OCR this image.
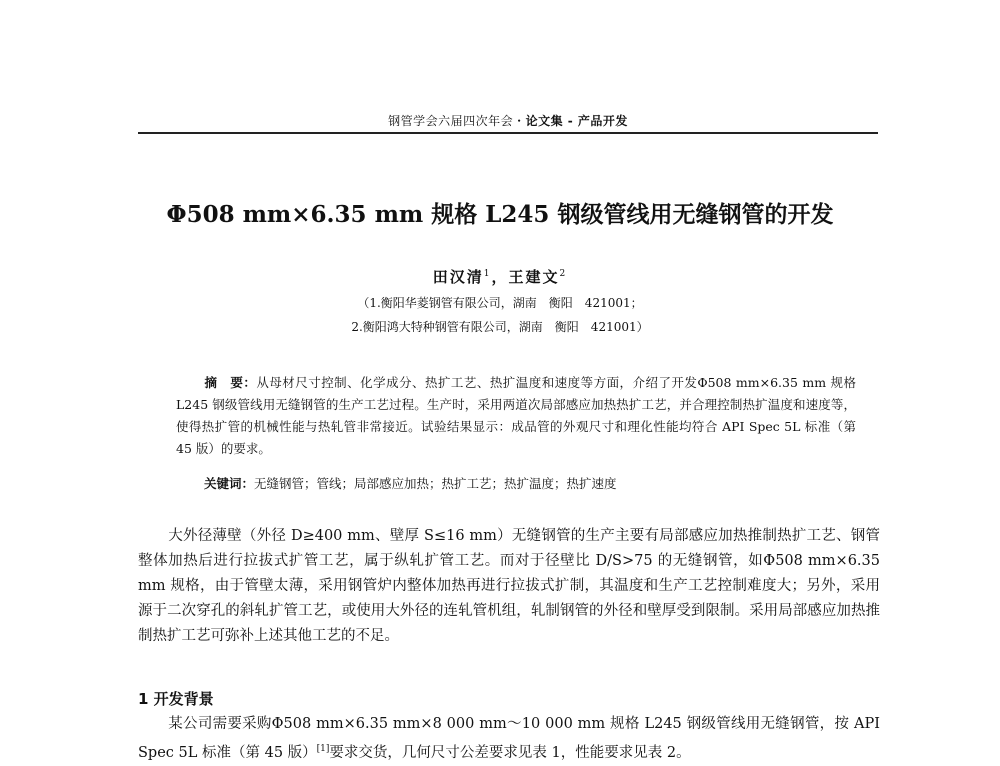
钢管学会六届四次年会・论文集 - 产品开发
Φ508 mm×6.35 mm 规格 L245 钢级管线用无缝钢管的开发
田汉清$^1$，王建文$^2$
（1.衡阳华菱钢管有限公司，湖南　衡阳　421001；
2.衡阳鸿大特种钢管有限公司，湖南　衡阳　421001）
摘　要：从母材尺寸控制、化学成分、热扩工艺、热扩温度和速度等方面，介绍了开发Φ508 mm×6.35 mm 规格 L245 钢级管线用无缝钢管的生产工艺过程。生产时，采用两道次局部感应加热热扩工艺，并合理控制热扩温度和速度等，使得热扩管的机械性能与热轧管非常接近。试验结果显示：成品管的外观尺寸和理化性能均符合 API Spec 5L 标准（第 45 版）的要求。
关键词：无缝钢管；管线；局部感应加热；热扩工艺；热扩温度；热扩速度
大外径薄壁（外径 D≥400 mm、壁厚 S≤16 mm）无缝钢管的生产主要有局部感应加热推制热扩工艺、钢管整体加热后进行拉拔式扩管工艺，属于纵轧扩管工艺。而对于径壁比 D/S>75 的无缝钢管，如Φ508 mm×6.35 mm 规格，由于管壁太薄，采用钢管炉内整体加热再进行拉拔式扩制，其温度和生产工艺控制难度大；另外，采用源于二次穿孔的斜轧扩管工艺，或使用大外径的连轧管机组，轧制钢管的外径和壁厚受到限制。采用局部感应加热推制热扩工艺可弥补上述其他工艺的不足。
1 开发背景
某公司需要采购Φ508 mm×6.35 mm×8 000 mm～10 000 mm 规格 L245 钢级管线用无缝钢管，按 API Spec 5L 标准（第 45 版）[1]要求交货，几何尺寸公差要求见表 1，性能要求见表 2。
